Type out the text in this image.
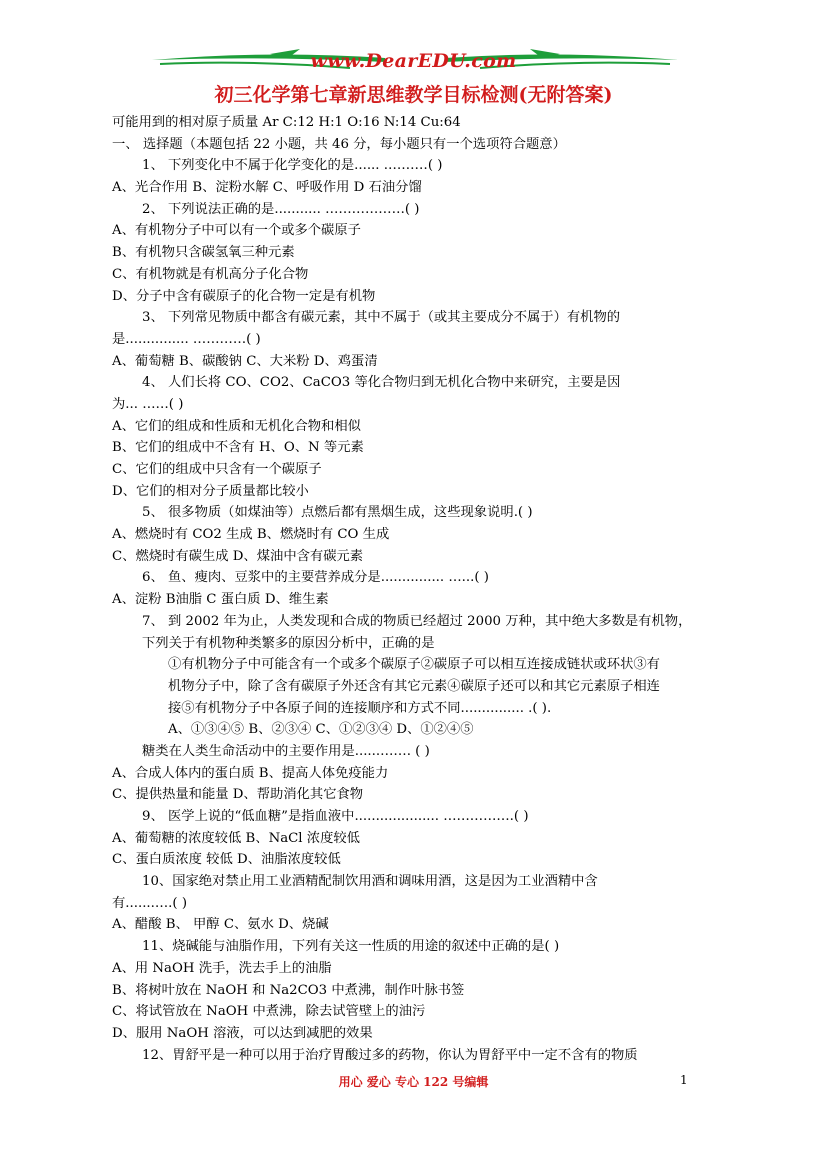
www.DearEDU.com
初三化学第七章新思维教学目标检测(无附答案)
可能用到的相对原子质量 Ar C:12 H:1 O:16 N:14 Cu:64
一、 选择题（本题包括 22 小题，共 46 分，每小题只有一个选项符合题意）
1、 下列变化中不属于化学变化的是...... .………( )
A、光合作用 B、淀粉水解 C、呼吸作用 D 石油分馏
2、 下列说法正确的是........... ………………( )
A、有机物分子中可以有一个或多个碳原子
B、有机物只含碳氢氧三种元素
C、有机物就是有机高分子化合物
D、分子中含有碳原子的化合物一定是有机物
3、 下列常见物质中都含有碳元素，其中不属于（或其主要成分不属于）有机物的
是............... …………( )
A、葡萄糖 B、碳酸钠 C、大米粉 D、鸡蛋清
4、 人们长将 CO、CO2、CaCO3 等化合物归到无机化合物中来研究，主要是因
为... ……( )
A、它们的组成和性质和无机化合物和相似
B、它们的组成中不含有 H、O、N 等元素
C、它们的组成中只含有一个碳原子
D、它们的相对分子质量都比较小
5、 很多物质（如煤油等）点燃后都有黑烟生成，这些现象说明.( )
A、燃烧时有 CO2 生成 B、燃烧时有 CO 生成
C、燃烧时有碳生成 D、煤油中含有碳元素
6、 鱼、瘦肉、豆浆中的主要营养成分是............... …...( )
A、淀粉 B油脂 C 蛋白质 D、维生素
7、 到 2002 年为止，人类发现和合成的物质已经超过 2000 万种，其中绝大多数是有机物，
下列关于有机物种类繁多的原因分析中，正确的是
①有机物分子中可能含有一个或多个碳原子②碳原子可以相互连接成链状或环状③有
机物分子中，除了含有碳原子外还含有其它元素④碳原子还可以和其它元素原子相连
接⑤有机物分子中各原子间的连接顺序和方式不同............... .( ).
A、①③④⑤ B、②③④ C、①②③④ D、①②④⑤
糖类在人类生命活动中的主要作用是......……. ( )
A、合成人体内的蛋白质 B、提高人体免疫能力
C、提供热量和能量 D、帮助消化其它食物
9、 医学上说的“低血糖”是指血液中.................... …………….( )
A、葡萄糖的浓度较低 B、NaCl 浓度较低
C、蛋白质浓度 较低 D、油脂浓度较低
10、国家绝对禁止用工业酒精配制饮用酒和调味用酒，这是因为工业酒精中含
有.......….( )
A、醋酸 B、 甲醇 C、氨水 D、烧碱
11、烧碱能与油脂作用，下列有关这一性质的用途的叙述中正确的是( )
A、用 NaOH 洗手，洗去手上的油脂
B、将树叶放在 NaOH 和 Na2CO3 中煮沸，制作叶脉书签
C、将试管放在 NaOH 中煮沸，除去试管壁上的油污
D、服用 NaOH 溶液，可以达到减肥的效果
12、胃舒平是一种可以用于治疗胃酸过多的药物，你认为胃舒平中一定不含有的物质
用心 爱心 专心 122 号编辑	1
